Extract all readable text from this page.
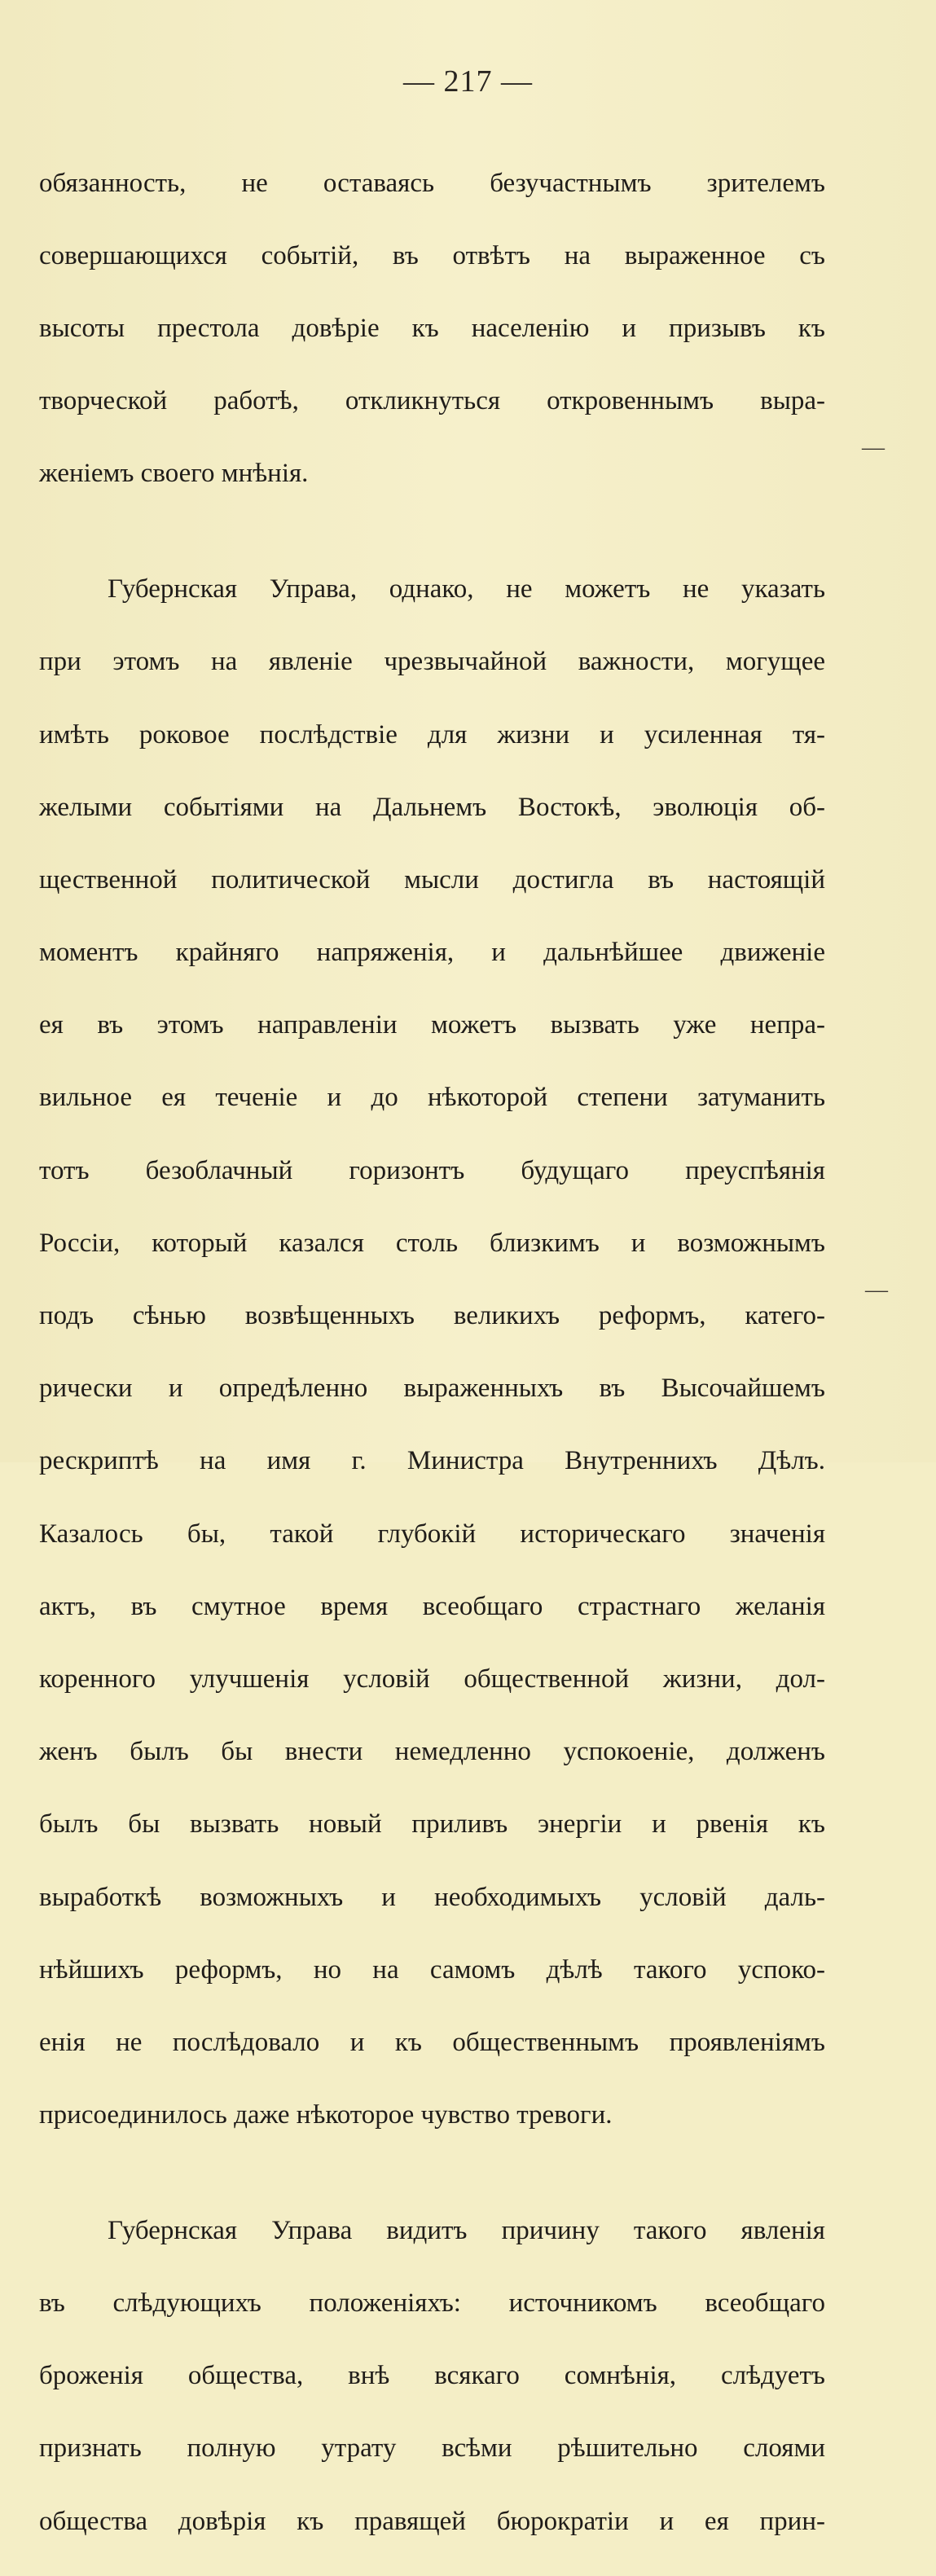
— 217 —

обязанность, не оставаясь безучастнымъ зрителемъ

совершающихся событій, въ отвѣтъ на выраженное съ

высоты престола довѣріе къ населенію и призывъ къ

творческой работѣ, откликнуться откровеннымъ выра-

женіемъ своего мнѣнія.

Губернская Управа, однако, не можетъ не указать

при этомъ на явленіе чрезвычайной важности, могущее

имѣть роковое послѣдствіе для жизни и усиленная тя-

желыми событіями на Дальнемъ Востокѣ, эволюція об-

щественной политической мысли достигла въ настоящій

моментъ крайняго напряженія, и дальнѣйшее движеніе

ея въ этомъ направленіи можетъ вызвать уже непра-

вильное ея теченіе и до нѣкоторой степени затуманить

тотъ безоблачный горизонтъ будущаго преуспѣянія

Россіи, который казался столь близкимъ и возможнымъ

подъ сѣнью возвѣщенныхъ великихъ реформъ, катего-

рически и опредѣленно выраженныхъ въ Высочайшемъ

рескриптѣ на имя г. Министра Внутреннихъ Дѣлъ.

Казалось бы, такой глубокій историческаго значенія

актъ, въ смутное время всеобщаго страстнаго желанія

коренного улучшенія условій общественной жизни, дол-

женъ былъ бы внести немедленно успокоеніе, долженъ

былъ бы вызвать новый приливъ энергіи и рвенія къ

выработкѣ возможныхъ и необходимыхъ условій даль-

нѣйшихъ реформъ, но на самомъ дѣлѣ такого успоко-

енія не послѣдовало и къ общественнымъ проявленіямъ

присоединилось даже нѣкоторое чувство тревоги.

Губернская Управа видитъ причину такого явленія

въ слѣдующихъ положеніяхъ: источникомъ всеобщаго

броженія общества, внѣ всякаго сомнѣнія, слѣдуетъ

признать полную утрату всѣми рѣшительно слоями

общества довѣрія къ правящей бюрократіи и ея прин-

—
—
